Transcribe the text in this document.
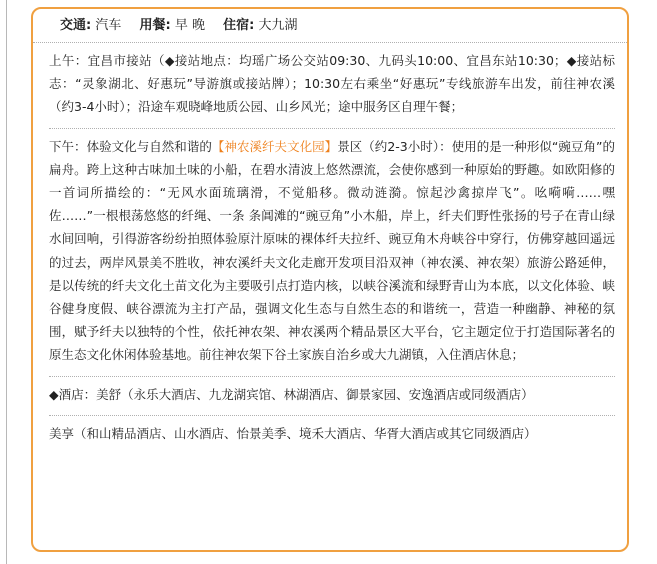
交通: 汽车 用餐: 早 晚 住宿: 大九湖
上午：宜昌市接站（◆接站地点：均瑶广场公交站09:30、九码头10:00、宜昌东站10:30；◆接站标志：“灵象湖北、好惠玩”导游旗或接站牌）；10:30左右乘坐“好惠玩”专线旅游车出发，前往神农溪（约3-4小时）；沿途车观晓峰地质公园、山乡风光；途中服务区自理午餐；
下午：体验文化与自然和谐的【神农溪纤夫文化园】景区（约2-3小时）：使用的是一种形似“豌豆角”的扁舟。跨上这种古味加土味的小船，在碧水清波上悠然漂流，会使你感到一种原始的野趣。如欧阳修的一首词所描绘的：“无风水面琉璃滑，不觉船移。微动涟漪。惊起沙禽掠岸飞”。吆嗬嗬……嘿佐……”一根根荡悠悠的纤绳、一条 条阊滩的“豌豆角”小木船，岸上，纤夫们野性张扬的号子在青山绿水间回响，引得游客纷纷拍照体验原汁原味的裸体纤夫拉纤、豌豆角木舟峡谷中穿行，仿佛穿越回遥远的过去，两岸风景美不胜收，神农溪纤夫文化走廊开发项目沿双神（神农溪、神农架）旅游公路延伸，是以传统的纤夫文化土苗文化为主要吸引点打造内核，以峡谷溪流和绿野青山为本底，以文化体验、峡谷健身度假、峡谷漂流为主打产品，强调文化生态与自然生态的和谐统一，营造一种幽静、神秘的氛围，赋予纤夫以独特的个性，依托神农架、神农溪两个精品景区大平台，它主题定位于打造国际著名的原生态文化休闲体验基地。前往神农架下谷土家族自治乡或大九湖镇，入住酒店休息；
◆酒店：美舒（永乐大酒店、九龙湖宾馆、林湖酒店、御景家园、安逸酒店或同级酒店）
美享（和山精品酒店、山水酒店、怡景美季、境禾大酒店、华胥大酒店或其它同级酒店）
